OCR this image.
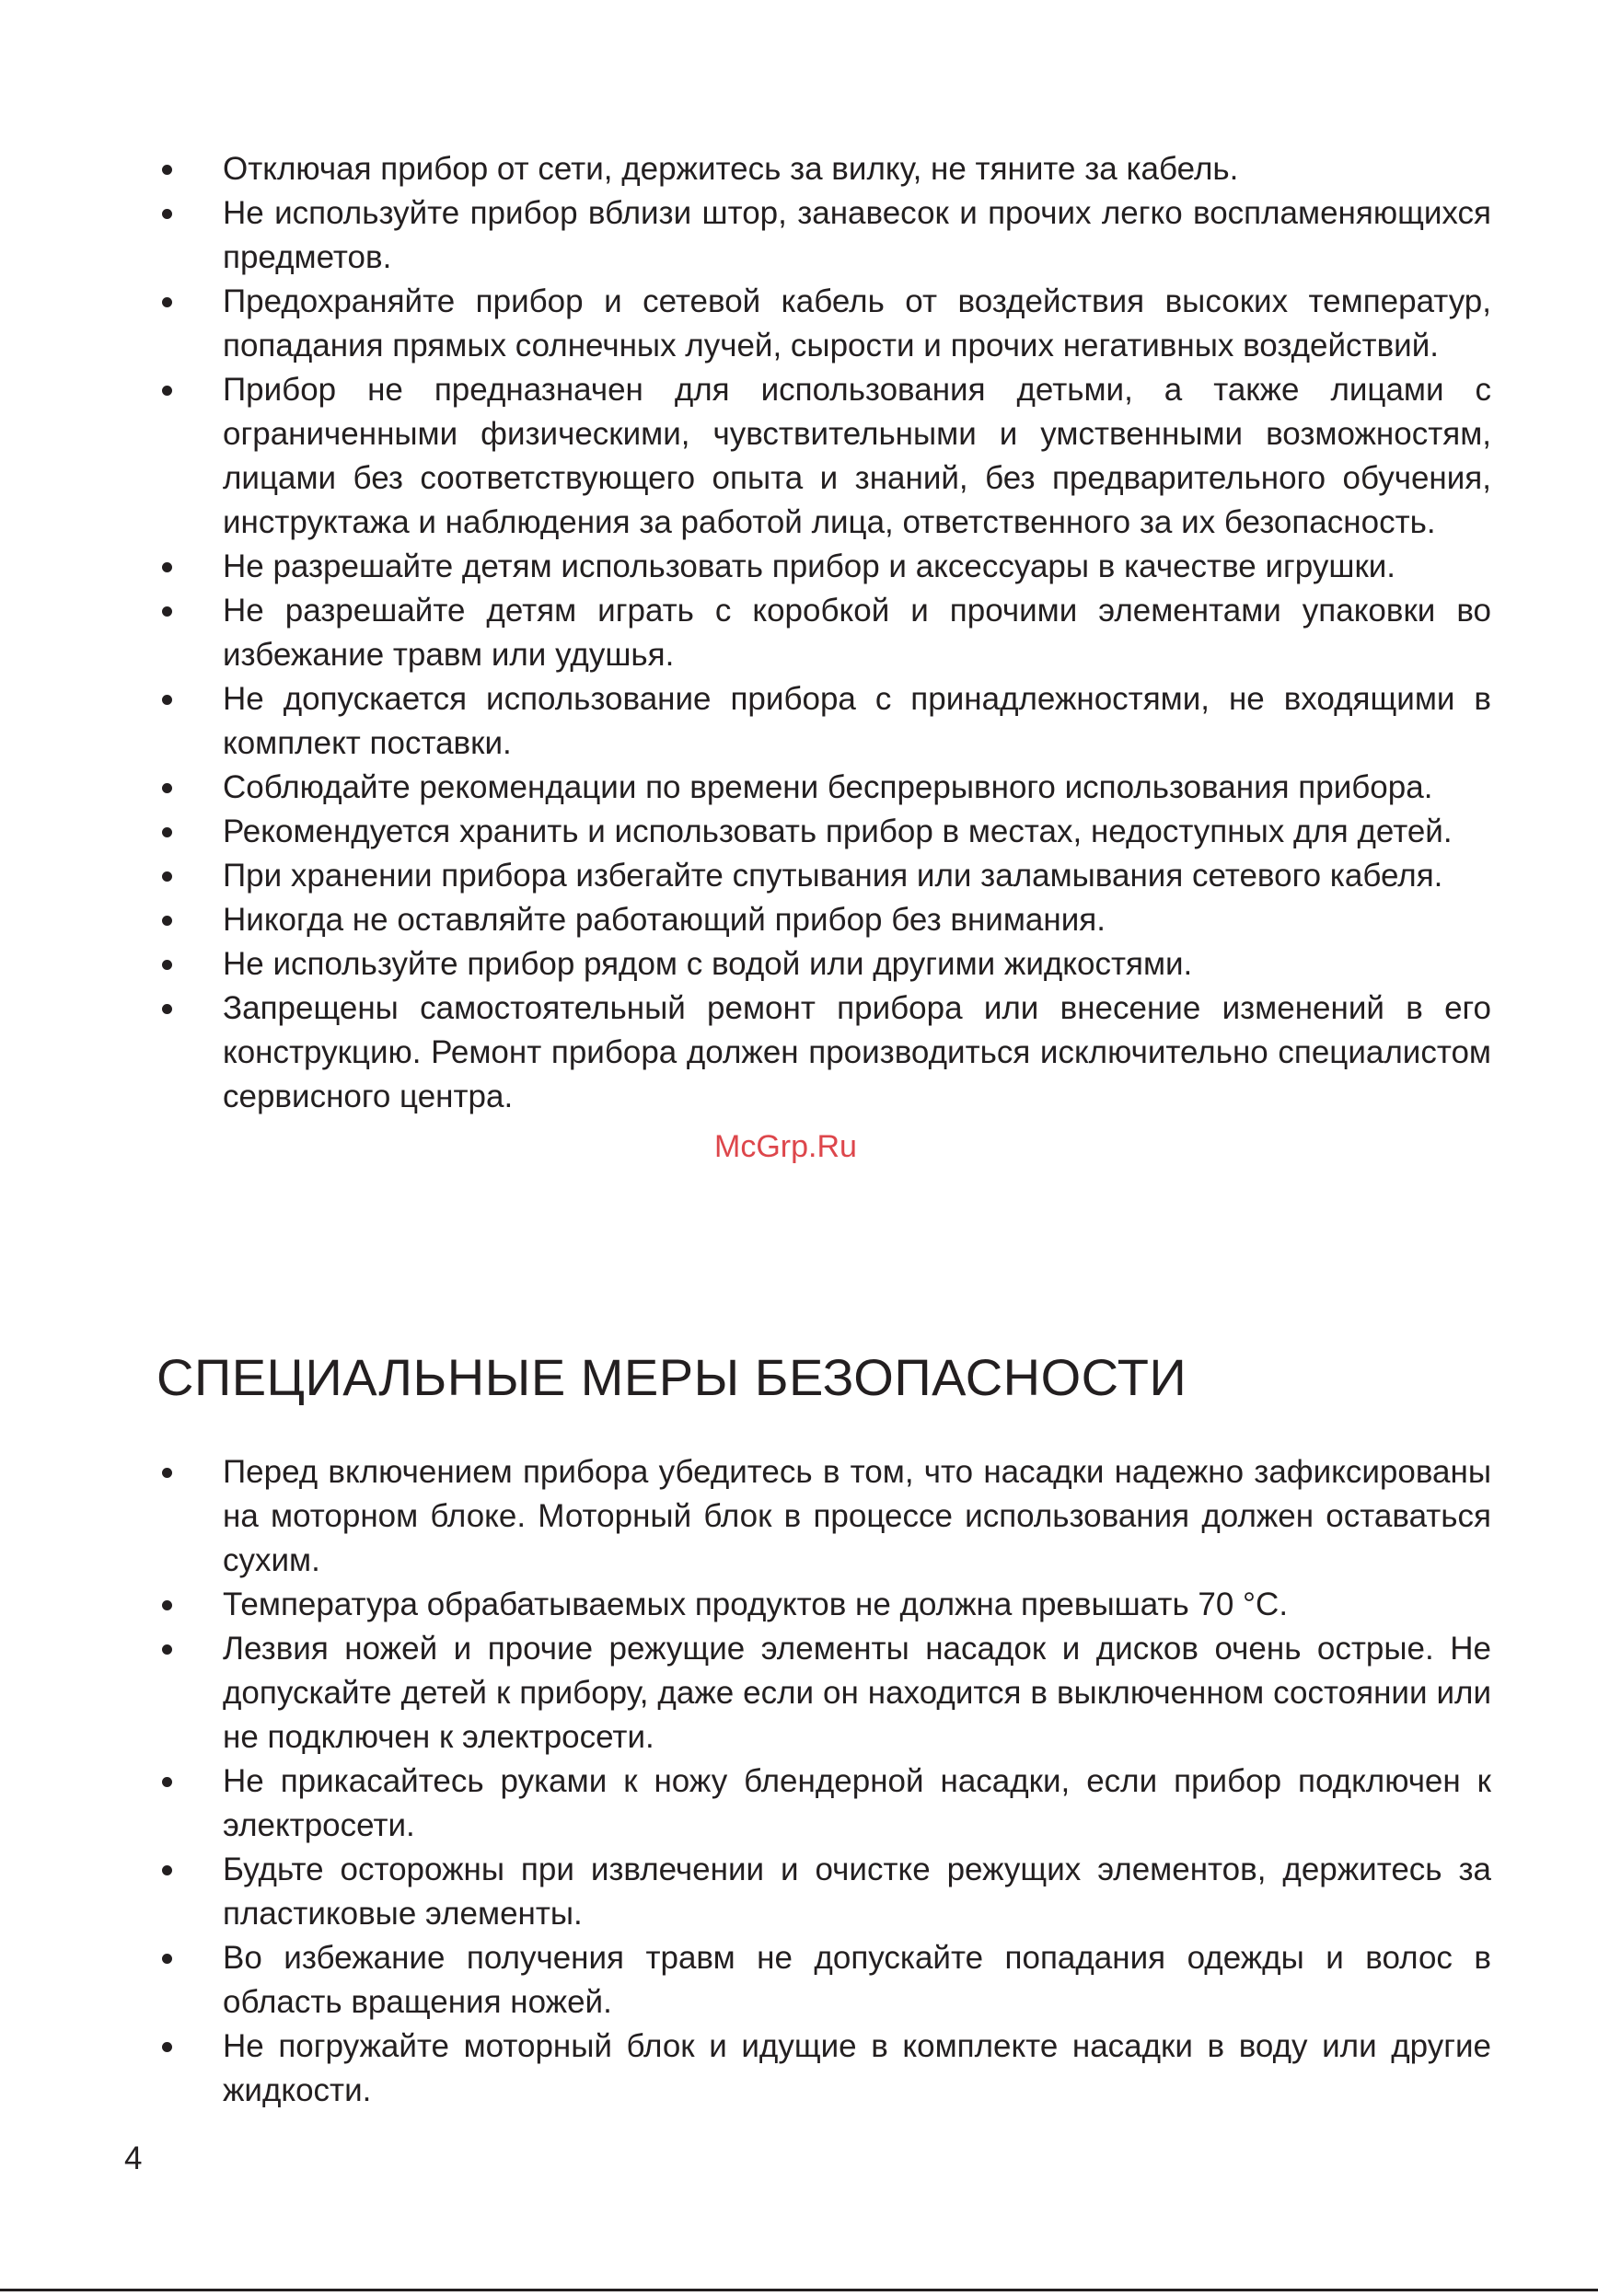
Отключая прибор от сети, держитесь за вилку, не тяните за кабель.
Не используйте прибор вблизи штор, занавесок и прочих легко воспламеняющихся предметов.
Предохраняйте прибор и сетевой кабель от воздействия высоких температур, попадания прямых солнечных лучей, сырости и прочих негативных воздействий.
Прибор не предназначен для использования детьми, а также лицами с ограниченными физическими, чувствительными и умственными возможностям, лицами без соответствующего опыта и знаний, без предварительного обучения, инструктажа и наблюдения за работой лица, ответственного за их безопасность.
Не разрешайте детям использовать прибор и аксессуары в качестве игрушки.
Не разрешайте детям играть с коробкой и прочими элементами упаковки во избежание травм или удушья.
Не допускается использование прибора с принадлежностями, не входящими в комплект поставки.
Соблюдайте рекомендации по времени беспрерывного использования прибора.
Рекомендуется хранить и использовать прибор в местах, недоступных для детей.
При хранении прибора избегайте спутывания или заламывания сетевого кабеля.
Никогда не оставляйте работающий прибор без внимания.
Не используйте прибор рядом с водой или другими жидкостями.
Запрещены самостоятельный ремонт прибора или внесение изменений в его конструкцию. Ремонт прибора должен производиться исключительно специалистом сервисного центра.
McGrp.Ru
СПЕЦИАЛЬНЫЕ МЕРЫ БЕЗОПАСНОСТИ
Перед включением прибора убедитесь в том, что насадки надежно зафиксированы на моторном блоке. Моторный блок в процессе использования должен оставаться сухим.
Температура обрабатываемых продуктов не должна превышать 70 °C.
Лезвия ножей и прочие режущие элементы насадок и дисков очень острые. Не допускайте детей к прибору, даже если он находится в выключенном состоянии или не подключен к электросети.
Не прикасайтесь руками к ножу блендерной насадки, если прибор подключен к электросети.
Будьте осторожны при извлечении и очистке режущих элементов, держитесь за пластиковые элементы.
Во избежание получения травм не допускайте попадания одежды и волос в область вращения ножей.
Не погружайте моторный блок и идущие в комплекте насадки в воду или другие жидкости.
4
